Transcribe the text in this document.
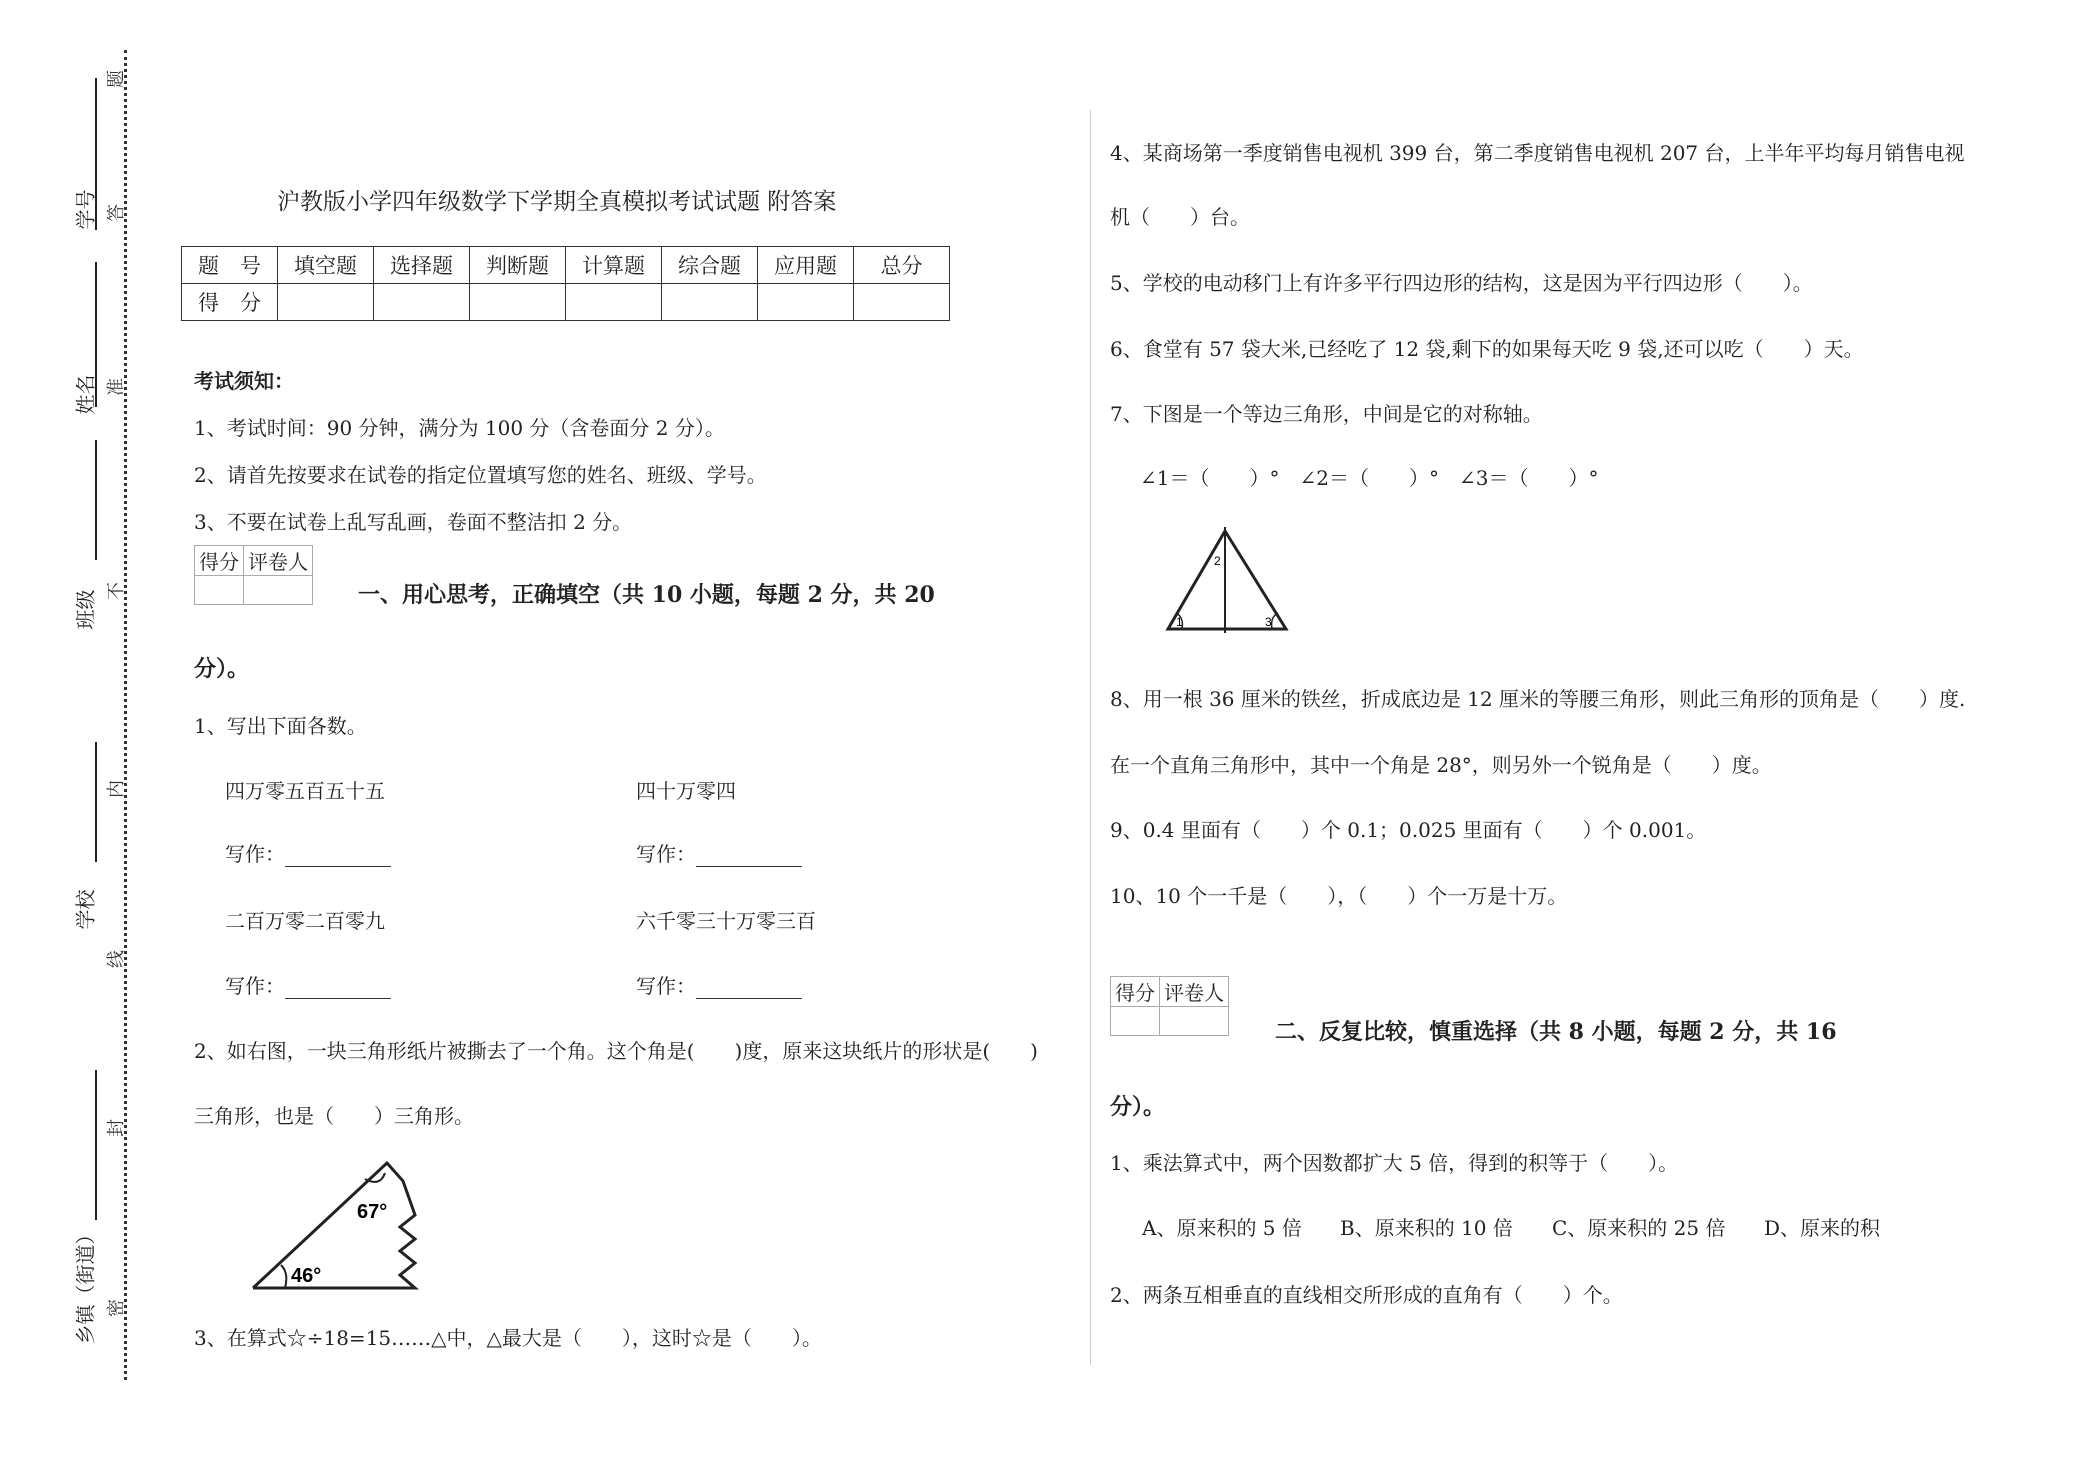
学号
姓名
班级
学校
乡镇（街道）
题
答
准
不
内
线
封
密
沪教版小学四年级数学下学期全真模拟考试试题 附答案
题　号	填空题	选择题	判断题	计算题	综合题	应用题	总分
得　分							
考试须知：
1、考试时间：90 分钟，满分为 100 分（含卷面分 2 分）。
2、请首先按要求在试卷的指定位置填写您的姓名、班级、学号。
3、不要在试卷上乱写乱画，卷面不整洁扣 2 分。
得分	评卷人

一、用心思考，正确填空（共 10 小题，每题 2 分，共 20
分）。
1、写出下面各数。
四万零五百五十五	四十万零四
写作：	写作：
二百万零二百零九	六千零三十万零三百
写作：	写作：
2、如右图，一块三角形纸片被撕去了一个角。这个角是(　　)度，原来这块纸片的形状是(　　)
三角形，也是（　　）三角形。
67°
46°
3、在算式☆÷18=15……△中，△最大是（　　），这时☆是（　　）。
4、某商场第一季度销售电视机 399 台，第二季度销售电视机 207 台，上半年平均每月销售电视
机（　　）台。
5、学校的电动移门上有许多平行四边形的结构，这是因为平行四边形（　　）。
6、食堂有 57 袋大米,已经吃了 12 袋,剩下的如果每天吃 9 袋,还可以吃（　　）天。
7、下图是一个等边三角形，中间是它的对称轴。
∠1＝（　　）°　∠2＝（　　）°　∠3＝（　　）°
1
2
3
8、用一根 36 厘米的铁丝，折成底边是 12 厘米的等腰三角形，则此三角形的顶角是（　　）度.
在一个直角三角形中，其中一个角是 28°，则另外一个锐角是（　　）度。
9、0.4 里面有（　　）个 0.1；0.025 里面有（　　）个 0.001。
10、10 个一千是（　　），（　　）个一万是十万。
得分	评卷人

二、反复比较，慎重选择（共 8 小题，每题 2 分，共 16
分）。
1、乘法算式中，两个因数都扩大 5 倍，得到的积等于（　　）。
A、原来积的 5 倍 B、原来积的 10 倍 C、原来积的 25 倍 D、原来的积
2、两条互相垂直的直线相交所形成的直角有（　　）个。
